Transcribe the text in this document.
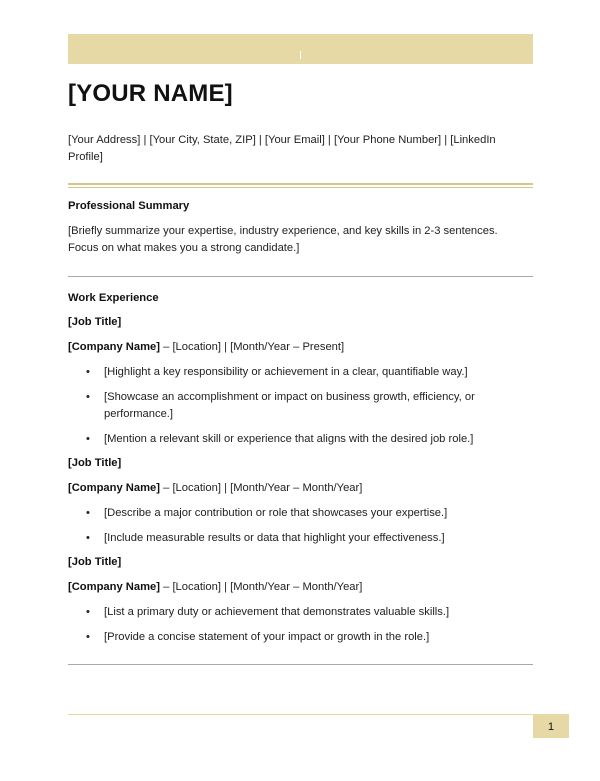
[YOUR NAME]
[Your Address] | [Your City, State, ZIP] | [Your Email] | [Your Phone Number] | [LinkedIn Profile]
Professional Summary
[Briefly summarize your expertise, industry experience, and key skills in 2-3 sentences. Focus on what makes you a strong candidate.]
Work Experience
[Job Title]
[Company Name] – [Location] | [Month/Year – Present]
• [Highlight a key responsibility or achievement in a clear, quantifiable way.]
• [Showcase an accomplishment or impact on business growth, efficiency, or performance.]
• [Mention a relevant skill or experience that aligns with the desired job role.]
[Job Title]
[Company Name] – [Location] | [Month/Year – Month/Year]
• [Describe a major contribution or role that showcases your expertise.]
• [Include measurable results or data that highlight your effectiveness.]
[Job Title]
[Company Name] – [Location] | [Month/Year – Month/Year]
• [List a primary duty or achievement that demonstrates valuable skills.]
• [Provide a concise statement of your impact or growth in the role.]
1
